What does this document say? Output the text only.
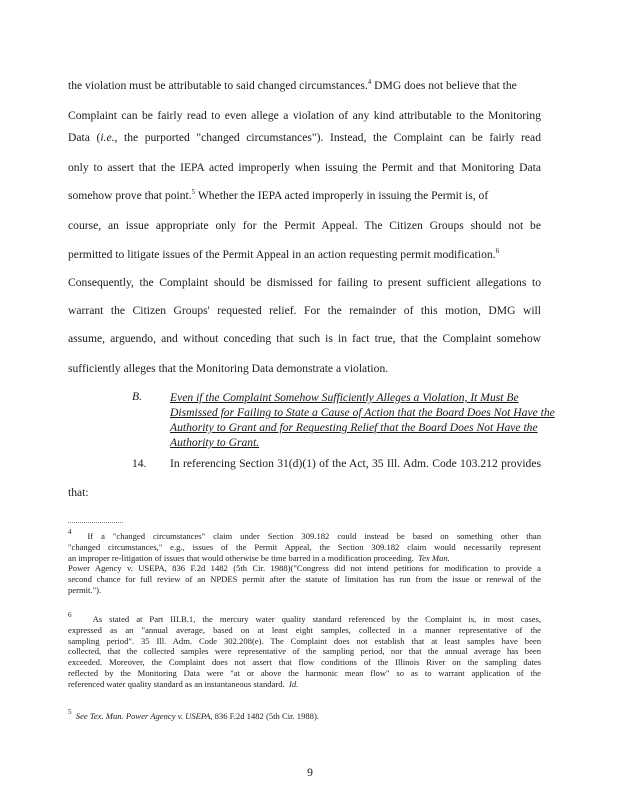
the violation must be attributable to said changed circumstances.$^4$ DMG does not believe that the
Complaint can be fairly read to even allege a violation of any kind attributable to the Monitoring
Data (i.e., the purported "changed circumstances"). Instead, the Complaint can be fairly read
only to assert that the IEPA acted improperly when issuing the Permit and that Monitoring Data
somehow prove that point.$^5$ Whether the IEPA acted improperly in issuing the Permit is, of
course, an issue appropriate only for the Permit Appeal. The Citizen Groups should not be
permitted to litigate issues of the Permit Appeal in an action requesting permit modification.$^6$
Consequently, the Complaint should be dismissed for failing to present sufficient allegations to
warrant the Citizen Groups' requested relief. For the remainder of this motion, DMG will
assume, arguendo, and without conceding that such is in fact true, that the Complaint somehow
sufficiently alleges that the Monitoring Data demonstrate a violation.
B. Even if the Complaint Somehow Sufficiently Alleges a Violation, It Must Be
Dismissed for Failing to State a Cause of Action that the Board Does Not Have the
Authority to Grant and for Requesting Relief that the Board Does Not Have the
Authority to Grant.
14. In referencing Section 31(d)(1) of the Act, 35 Ill. Adm. Code 103.212 provides
that:
$^4$ If a "changed circumstances" claim under Section 309.182 could instead be based on something other than
"changed circumstances," e.g., issues of the Permit Appeal, the Section 309.182 claim would necessarily represent
an improper re-litigation of issues that would otherwise be time barred in a modification proceeding. Tex Mun.
Power Agency v. USEPA, 836 F.2d 1482 (5th Cir. 1988)("Congress did not intend petitions for modification to provide a
second chance for full review of an NPDES permit after the statute of limitation has run from the issue or renewal of the
permit.").
$^6$ As stated at Part III.B.1, the mercury water quality standard referenced by the Complaint is, in most cases,
expressed as an "annual average, based on at least eight samples, collected in a manner representative of the
sampling period". 35 Ill. Adm. Code 302.208(e). The Complaint does not establish that at least samples have been
collected, that the collected samples were representative of the sampling period, nor that the annual average has been
exceeded. Moreover, the Complaint does not assert that flow conditions of the Illinois River on the sampling dates
reflected by the Monitoring Data were "at or above the harmonic mean flow" so as to warrant application of the
referenced water quality standard as an instantaneous standard. Id.
$^5$ See Tex. Mun. Power Agency v. USEPA, 836 F.2d 1482 (5th Cir. 1988).
9
